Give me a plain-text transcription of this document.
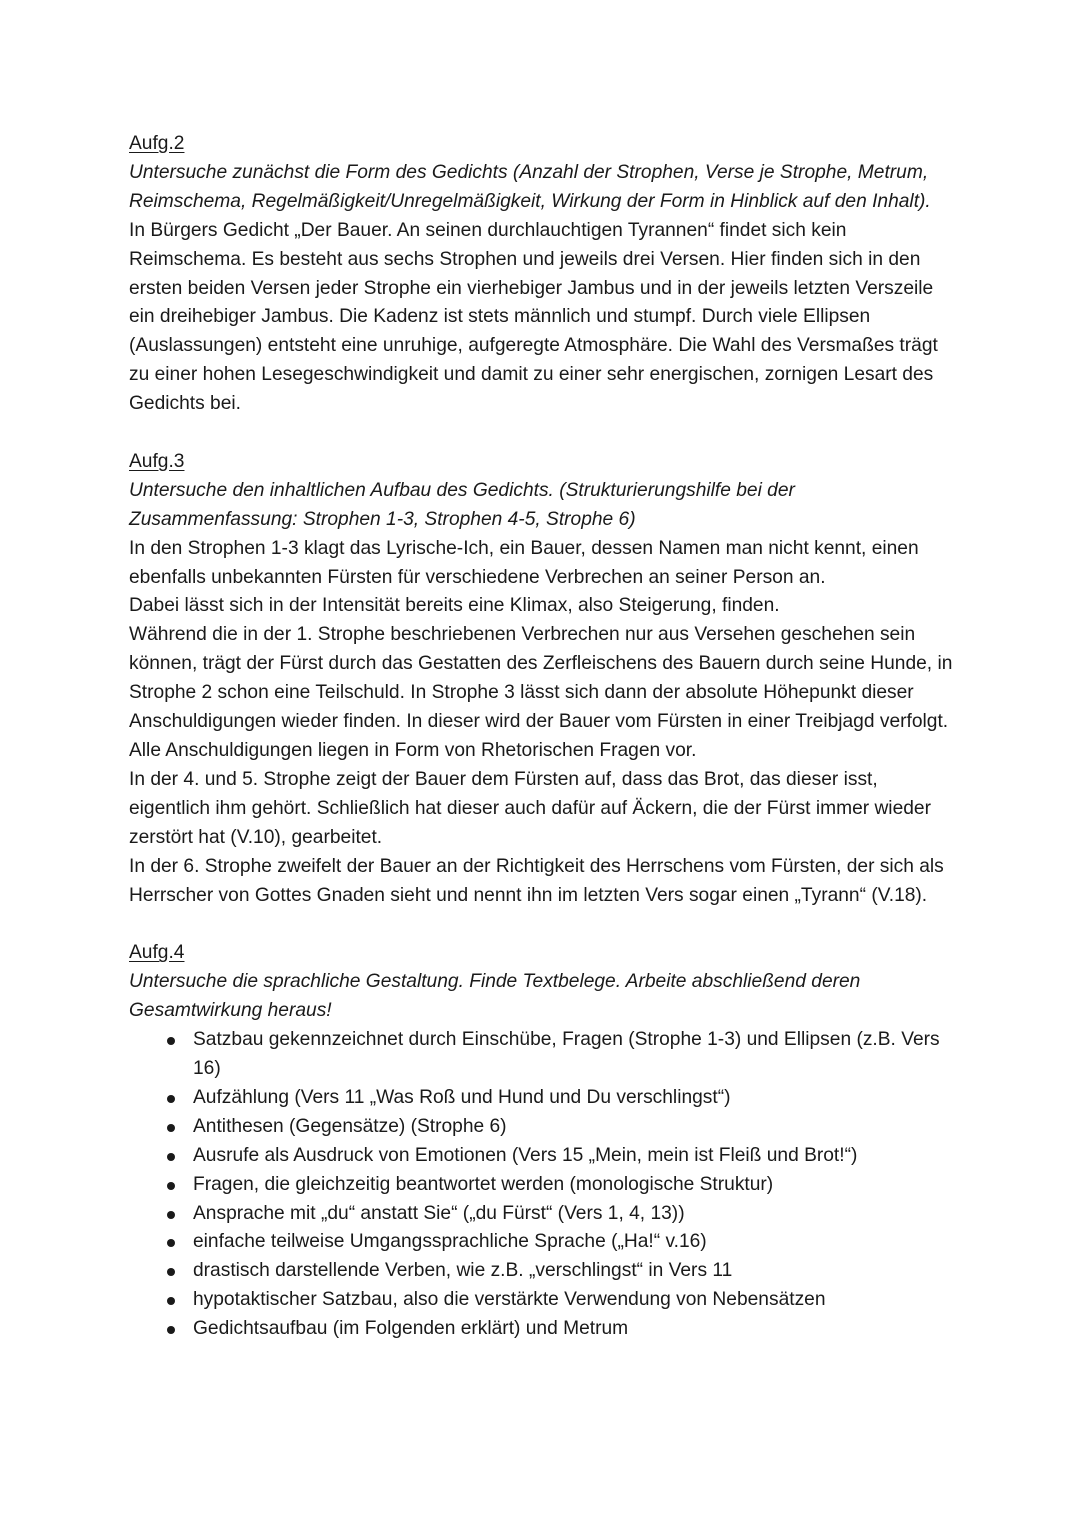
Aufg.2
Untersuche zunächst die Form des Gedichts (Anzahl der Strophen, Verse je Strophe, Metrum, Reimschema, Regelmäßigkeit/Unregelmäßigkeit, Wirkung der Form in Hinblick auf den Inhalt).
In Bürgers Gedicht „Der Bauer. An seinen durchlauchtigen Tyrannen“ findet sich kein Reimschema. Es besteht aus sechs Strophen und jeweils drei Versen. Hier finden sich in den ersten beiden Versen jeder Strophe ein vierhebiger Jambus und in der jeweils letzten Verszeile ein dreihebiger Jambus. Die Kadenz ist stets männlich und stumpf. Durch viele Ellipsen (Auslassungen) entsteht eine unruhige, aufgeregte Atmosphäre. Die Wahl des Versmaßes trägt zu einer hohen Lesegeschwindigkeit und damit zu einer sehr energischen, zornigen Lesart des Gedichts bei.
Aufg.3
Untersuche den inhaltlichen Aufbau des Gedichts. (Strukturierungshilfe bei der Zusammenfassung: Strophen 1-3, Strophen 4-5, Strophe 6)
In den Strophen 1-3 klagt das Lyrische-Ich, ein Bauer, dessen Namen man nicht kennt, einen ebenfalls unbekannten Fürsten für verschiedene Verbrechen an seiner Person an.
Dabei lässt sich in der Intensität bereits eine Klimax, also Steigerung, finden.
Während die in der 1. Strophe beschriebenen Verbrechen nur aus Versehen geschehen sein können, trägt der Fürst durch das Gestatten des Zerfleischens des Bauern durch seine Hunde, in Strophe 2 schon eine Teilschuld. In Strophe 3 lässt sich dann der absolute Höhepunkt dieser Anschuldigungen wieder finden. In dieser wird der Bauer vom Fürsten in einer Treibjagd verfolgt. Alle Anschuldigungen liegen in Form von Rhetorischen Fragen vor.
In der 4. und 5. Strophe zeigt der Bauer dem Fürsten auf, dass das Brot, das dieser isst, eigentlich ihm gehört. Schließlich hat dieser auch dafür auf Äckern, die der Fürst immer wieder zerstört hat (V.10), gearbeitet.
In der 6. Strophe zweifelt der Bauer an der Richtigkeit des Herrschens vom Fürsten, der sich als Herrscher von Gottes Gnaden sieht und nennt ihn im letzten Vers sogar einen „Tyrann“ (V.18).
Aufg.4
Untersuche die sprachliche Gestaltung. Finde Textbelege. Arbeite abschließend deren Gesamtwirkung heraus!
Satzbau gekennzeichnet durch Einschübe, Fragen (Strophe 1-3) und Ellipsen (z.B. Vers 16)
Aufzählung (Vers 11 „Was Roß und Hund und Du verschlingst“)
Antithesen (Gegensätze) (Strophe 6)
Ausrufe als Ausdruck von Emotionen (Vers 15 „Mein, mein ist Fleiß und Brot!“)
Fragen, die gleichzeitig beantwortet werden (monologische Struktur)
Ansprache mit „du“ anstatt Sie“ („du Fürst“ (Vers 1, 4, 13))
einfache teilweise Umgangssprachliche Sprache („Ha!“ v.16)
drastisch darstellende Verben, wie z.B. „verschlingst“ in Vers 11
hypotaktischer Satzbau, also die verstärkte Verwendung von Nebensätzen
Gedichtsaufbau (im Folgenden erklärt) und Metrum
